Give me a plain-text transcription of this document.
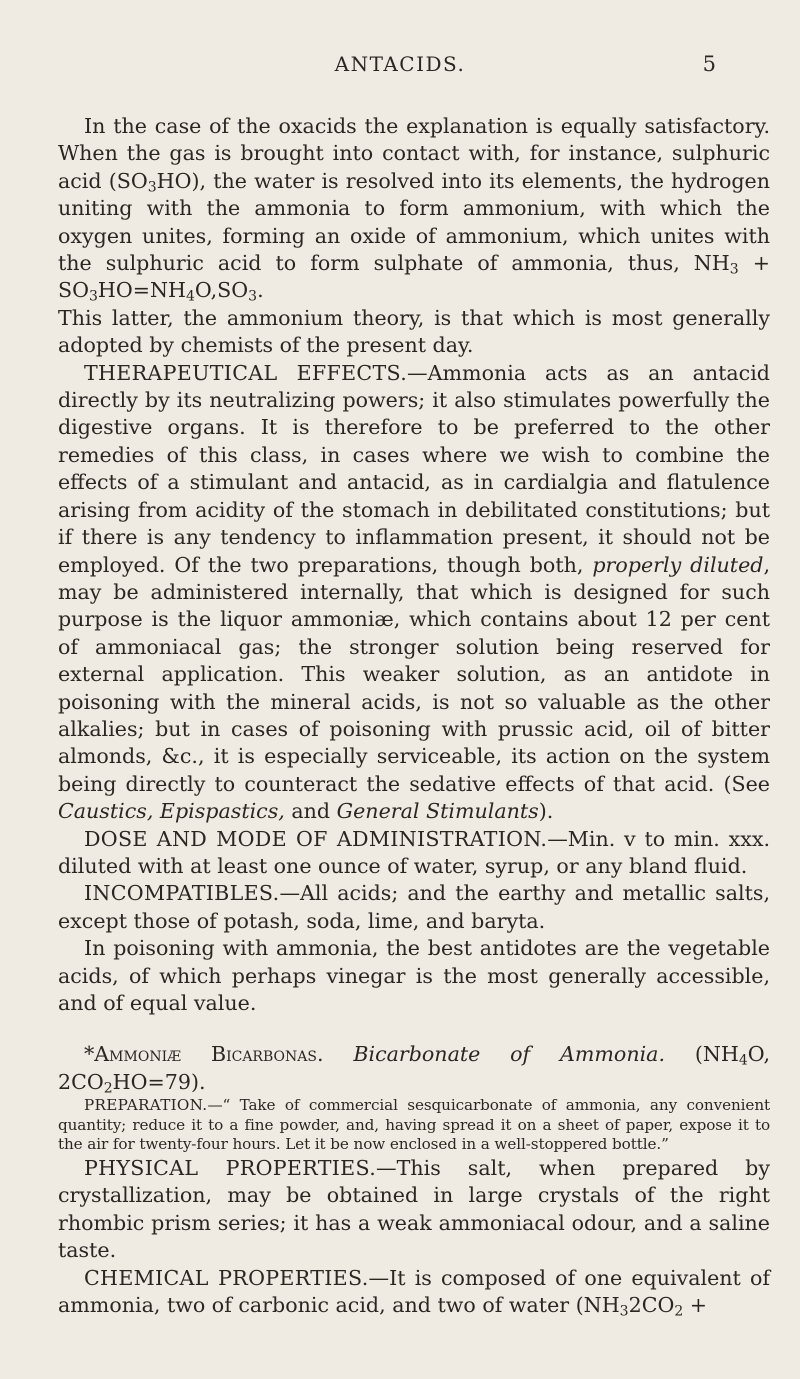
ANTACIDS.	5

In the case of the oxacids the explanation is equally satisfactory. When the gas is brought into contact with, for instance, sulphuric acid $(SO_3HO)$, the water is resolved into its elements, the hydrogen uniting with the ammonia to form ammonium, with which the oxygen unites, forming an oxide of ammonium, which unites with the sulphuric acid to form sulphate of ammonia, thus, $NH_3 + SO_3HO=NH_4O,SO_3$.

This latter, the ammonium theory, is that which is most generally adopted by chemists of the present day.

THERAPEUTICAL EFFECTS.—Ammonia acts as an antacid directly by its neutralizing powers; it also stimulates powerfully the digestive organs. It is therefore to be preferred to the other remedies of this class, in cases where we wish to combine the effects of a stimulant and antacid, as in cardialgia and flatulence arising from acidity of the stomach in debilitated constitutions; but if there is any tendency to inflammation present, it should not be employed. Of the two preparations, though both, properly diluted, may be administered internally, that which is designed for such purpose is the liquor ammoniæ, which contains about 12 per cent of ammoniacal gas; the stronger solution being reserved for external application. This weaker solution, as an antidote in poisoning with the mineral acids, is not so valuable as the other alkalies; but in cases of poisoning with prussic acid, oil of bitter almonds, &c., it is especially serviceable, its action on the system being directly to counteract the sedative effects of that acid. (See Caustics, Epispastics, and General Stimulants).

DOSE AND MODE OF ADMINISTRATION.—Min. v to min. xxx. diluted with at least one ounce of water, syrup, or any bland fluid.

INCOMPATIBLES.—All acids; and the earthy and metallic salts, except those of potash, soda, lime, and baryta.

In poisoning with ammonia, the best antidotes are the vegetable acids, of which perhaps vinegar is the most generally accessible, and of equal value.

*Ammoniæ Bicarbonas. Bicarbonate of Ammonia. ($NH_4O$, $2CO_2HO=79$).

PREPARATION.—“ Take of commercial sesquicarbonate of ammonia, any convenient quantity; reduce it to a fine powder, and, having spread it on a sheet of paper, expose it to the air for twenty-four hours. Let it be now enclosed in a well-stoppered bottle.”

PHYSICAL PROPERTIES.—This salt, when prepared by crystallization, may be obtained in large crystals of the right rhombic prism series; it has a weak ammoniacal odour, and a saline taste.

CHEMICAL PROPERTIES.—It is composed of one equivalent of ammonia, two of carbonic acid, and two of water ($NH_32CO_2$ +
